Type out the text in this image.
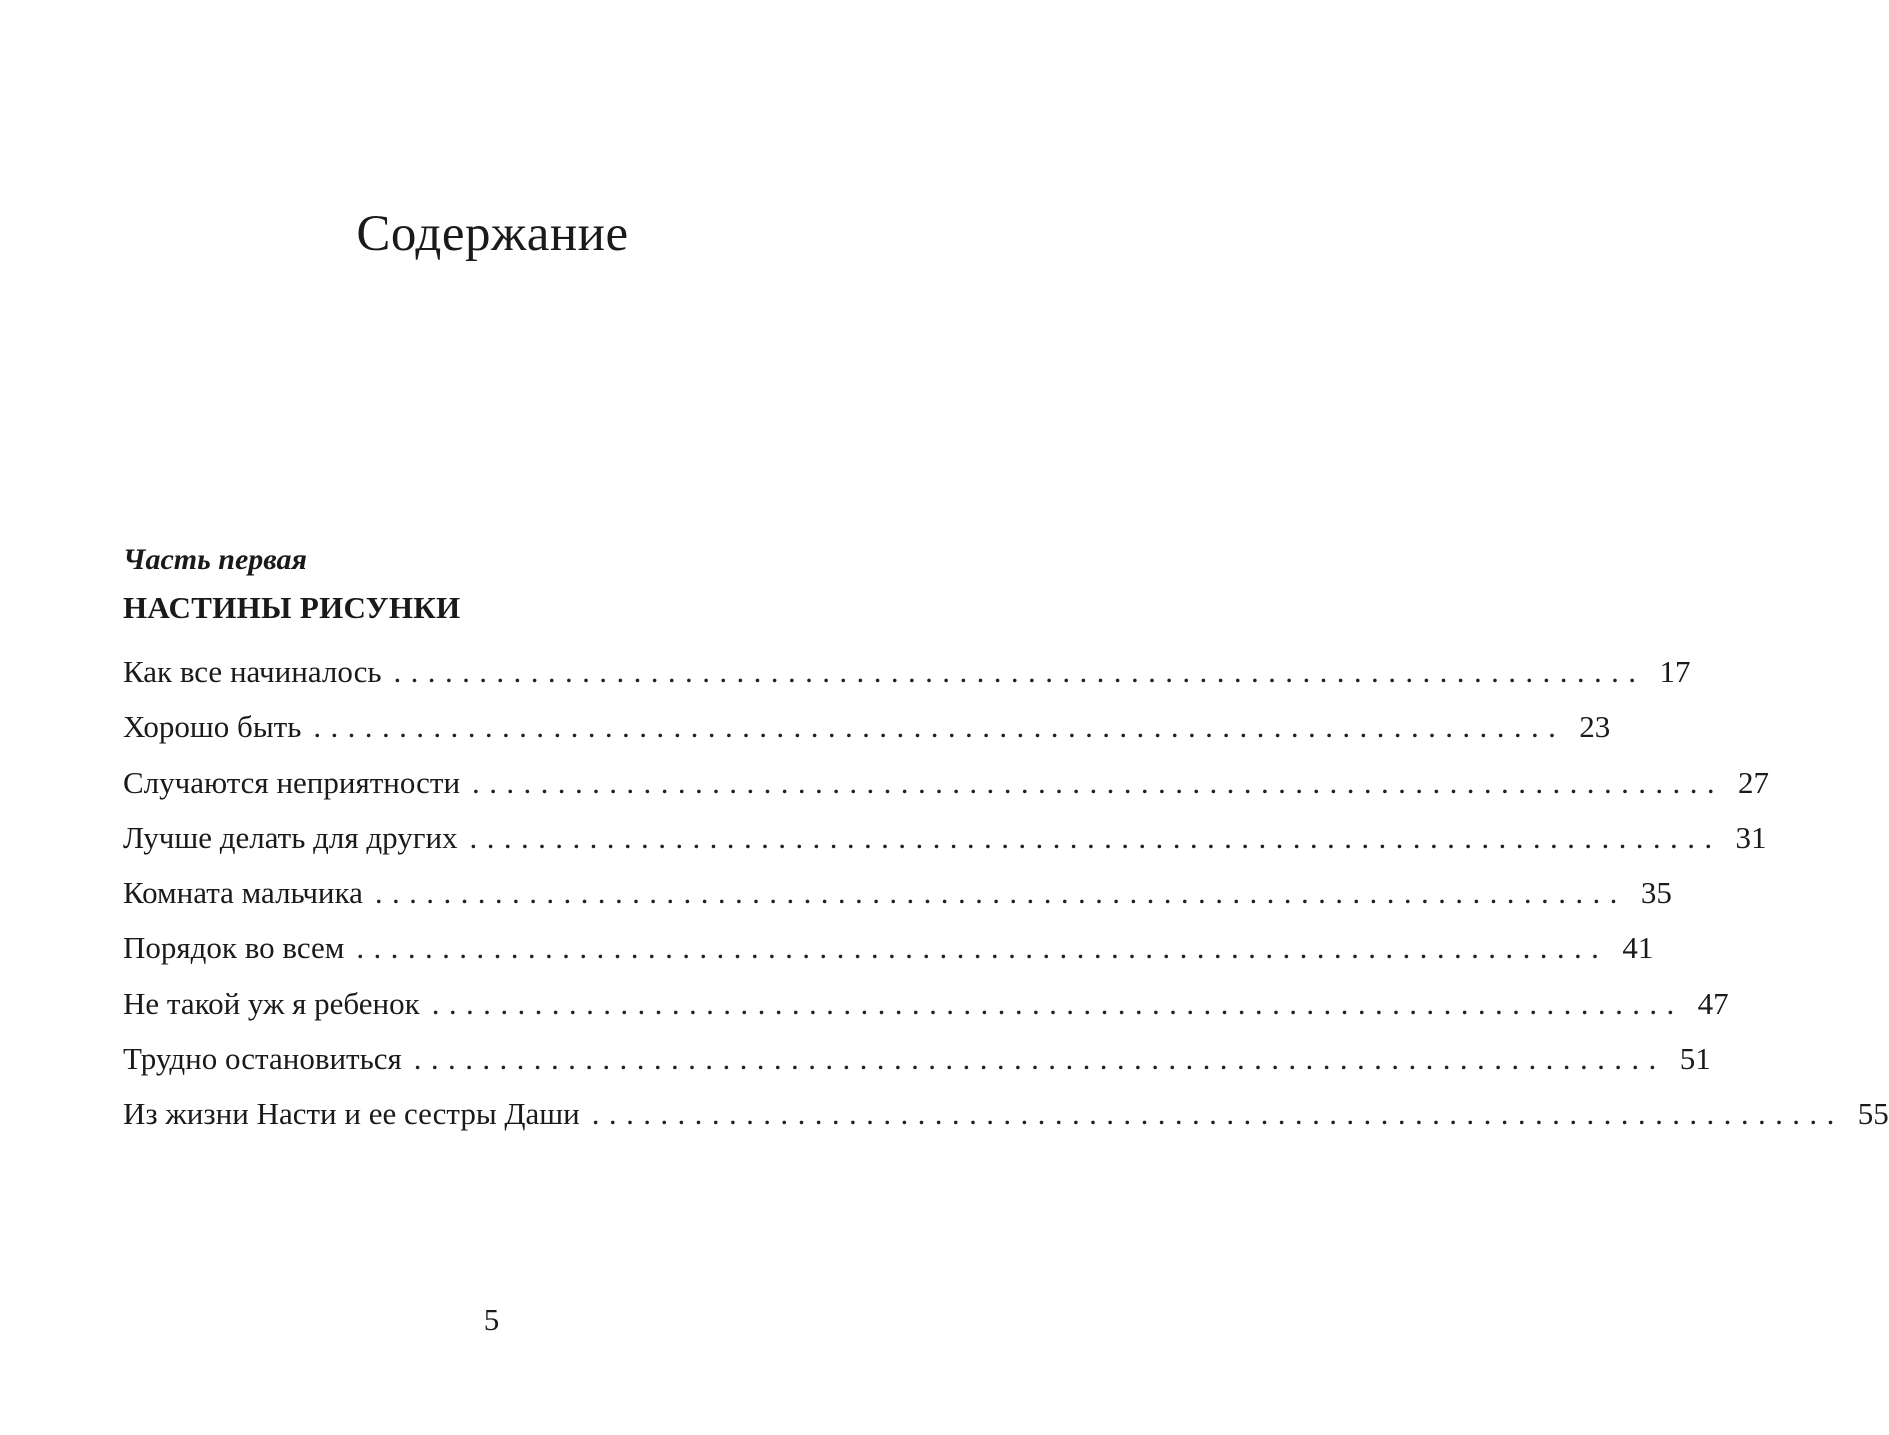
Содержание
Часть первая
НАСТИНЫ РИСУНКИ
Как все начиналось ......................................................................... 17
Хорошо быть ......................................................................... 23
Случаются неприятности ......................................................................... 27
Лучше делать для других ......................................................................... 31
Комната мальчика ......................................................................... 35
Порядок во всем ......................................................................... 41
Не такой уж я ребенок ......................................................................... 47
Трудно остановиться ......................................................................... 51
Из жизни Насти и ее сестры Даши ......................................................................... 55
5
